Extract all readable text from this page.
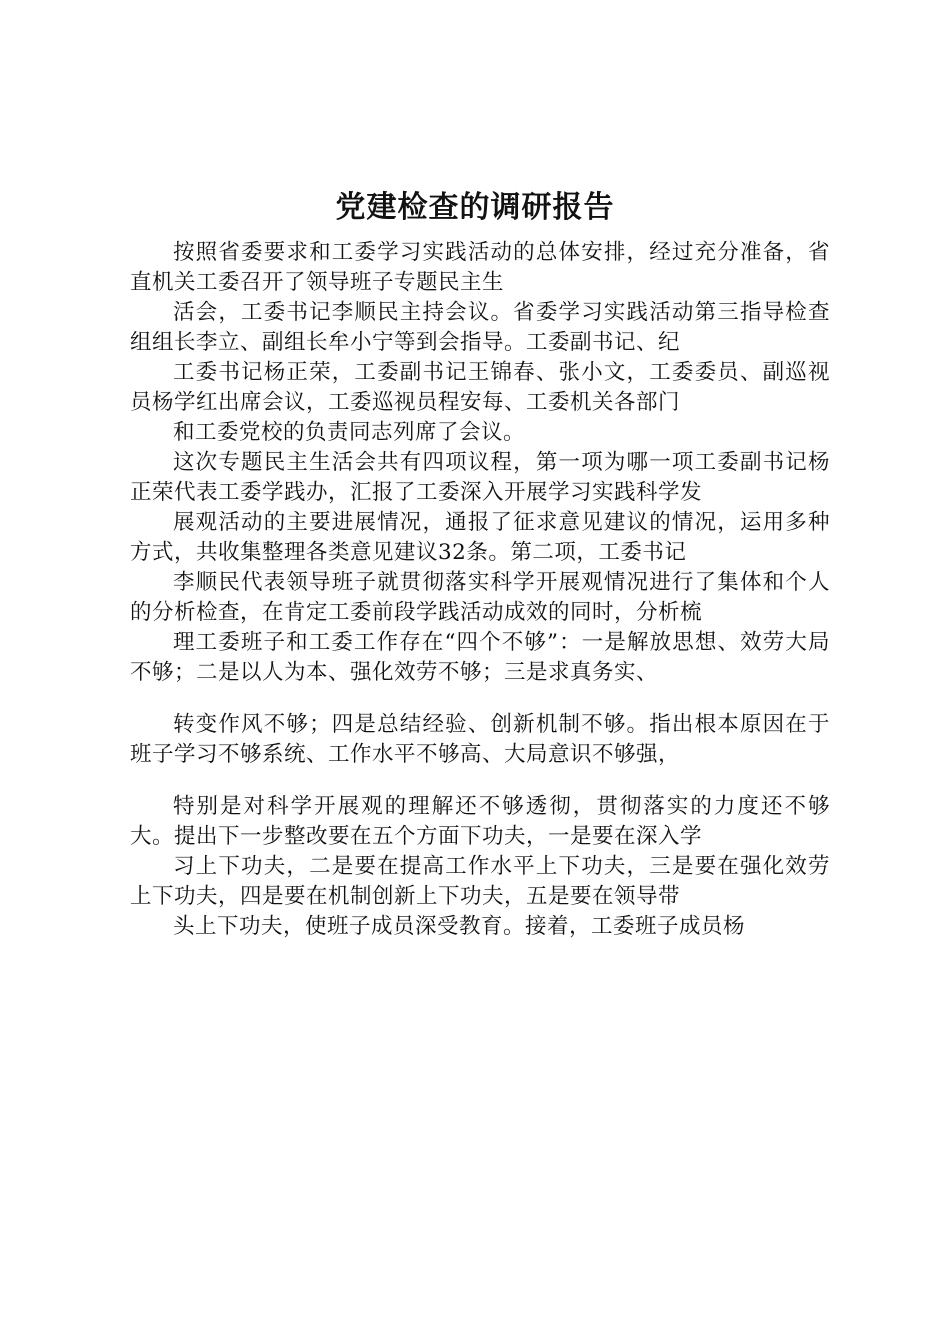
党建检查的调研报告

按照省委要求和工委学习实践活动的总体安排，经过充分准备，省直机关工委召开了领导班子专题民主生

活会，工委书记李顺民主持会议。省委学习实践活动第三指导检查组组长李立、副组长牟小宁等到会指导。工委副书记、纪

工委书记杨正荣，工委副书记王锦春、张小文，工委委员、副巡视员杨学红出席会议，工委巡视员程安每、工委机关各部门

和工委党校的负责同志列席了会议。

这次专题民主生活会共有四项议程，第一项为哪一项工委副书记杨正荣代表工委学践办，汇报了工委深入开展学习实践科学发

展观活动的主要进展情况，通报了征求意见建议的情况，运用多种方式，共收集整理各类意见建议32条。第二项，工委书记

李顺民代表领导班子就贯彻落实科学开展观情况进行了集体和个人的分析检查，在肯定工委前段学践活动成效的同时，分析梳

理工委班子和工委工作存在“四个不够”：一是解放思想、效劳大局不够；二是以人为本、强化效劳不够；三是求真务实、

转变作风不够；四是总结经验、创新机制不够。指出根本原因在于班子学习不够系统、工作水平不够高、大局意识不够强，

特别是对科学开展观的理解还不够透彻，贯彻落实的力度还不够大。提出下一步整改要在五个方面下功夫，一是要在深入学

习上下功夫，二是要在提高工作水平上下功夫，三是要在强化效劳上下功夫，四是要在机制创新上下功夫，五是要在领导带

头上下功夫，使班子成员深受教育。接着，工委班子成员杨
